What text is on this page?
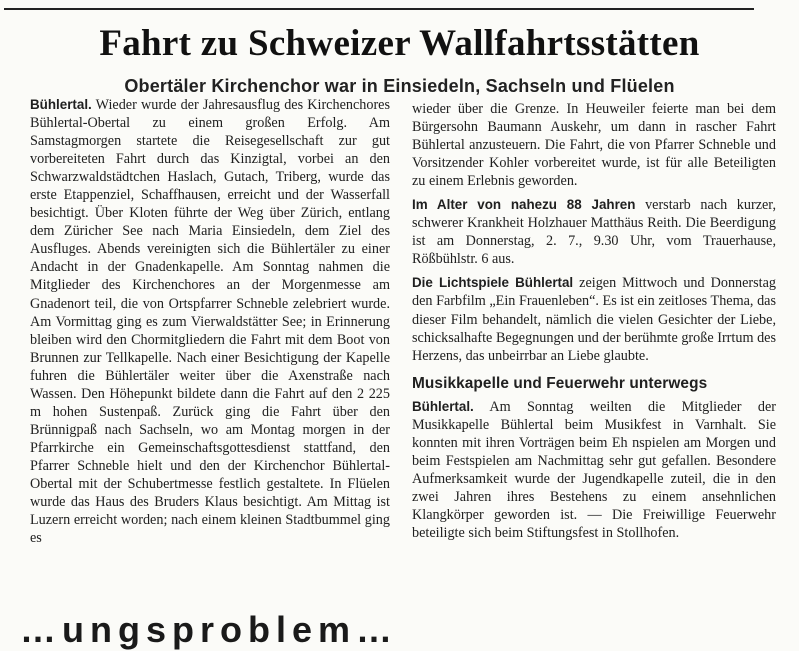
Fahrt zu Schweizer Wallfahrtsstätten
Obertäler Kirchenchor war in Einsiedeln, Sachseln und Flüelen

Bühlertal. Wieder wurde der Jahresausflug des Kirchenchores Bühlertal-Obertal zu einem großen Erfolg. Am Samstagmorgen startete die Reisegesellschaft zur gut vorbereiteten Fahrt durch das Kinzigtal, vorbei an den Schwarzwaldstädtchen Haslach, Gutach, Triberg, wurde das erste Etappenziel, Schaffhausen, erreicht und der Wasserfall besichtigt. Über Kloten führte der Weg über Zürich, entlang dem Züricher See nach Maria Einsiedeln, dem Ziel des Ausfluges. Abends vereinigten sich die Bühlertäler zu einer Andacht in der Gnadenkapelle. Am Sonntag nahmen die Mitglieder des Kirchenchores an der Morgenmesse am Gnadenort teil, die von Ortspfarrer Schneble zelebriert wurde. Am Vormittag ging es zum Vierwaldstätter See; in Erinnerung bleiben wird den Chormitgliedern die Fahrt mit dem Boot von Brunnen zur Tellkapelle. Nach einer Besichtigung der Kapelle fuhren die Bühlertäler weiter über die Axenstraße nach Wassen. Den Höhepunkt bildete dann die Fahrt auf den 2 225 m hohen Sustenpaß. Zurück ging die Fahrt über den Brünnigpaß nach Sachseln, wo am Montag morgen in der Pfarrkirche ein Gemeinschaftsgottesdienst stattfand, den Pfarrer Schneble hielt und den der Kirchenchor Bühlertal-Obertal mit der Schubertmesse festlich gestaltete. In Flüelen wurde das Haus des Bruders Klaus besichtigt. Am Mittag ist Luzern erreicht worden; nach einem kleinen Stadtbummel ging es

wieder über die Grenze. In Heuweiler feierte man bei dem Bürgersohn Baumann Auskehr, um dann in rascher Fahrt Bühlertal anzusteuern. Die Fahrt, die von Pfarrer Schneble und Vorsitzender Kohler vorbereitet wurde, ist für alle Beteiligten zu einem Erlebnis geworden.

Im Alter von nahezu 88 Jahren verstarb nach kurzer, schwerer Krankheit Holzhauer Matthäus Reith. Die Beerdigung ist am Donnerstag, 2. 7., 9.30 Uhr, vom Trauerhause, Rößbühlstr. 6 aus.

Die Lichtspiele Bühlertal zeigen Mittwoch und Donnerstag den Farbfilm „Ein Frauenleben“. Es ist ein zeitloses Thema, das dieser Film behandelt, nämlich die vielen Gesichter der Liebe, schicksalhafte Begegnungen und der berühmte große Irrtum des Herzens, das unbeirrbar an Liebe glaubte.

Musikkapelle und Feuerwehr unterwegs

Bühlertal. Am Sonntag weilten die Mitglieder der Musikkapelle Bühlertal beim Musikfest in Varnhalt. Sie konnten mit ihren Vorträgen beim Eh nspielen am Morgen und beim Festspielen am Nachmittag sehr gut gefallen. Besondere Aufmerksamkeit wurde der Jugendkapelle zuteil, die in den zwei Jahren ihres Bestehens zu einem ansehnlichen Klangkörper geworden ist. — Die Freiwillige Feuerwehr beteiligte sich beim Stiftungsfest in Stollhofen.

…ungsproblem…
